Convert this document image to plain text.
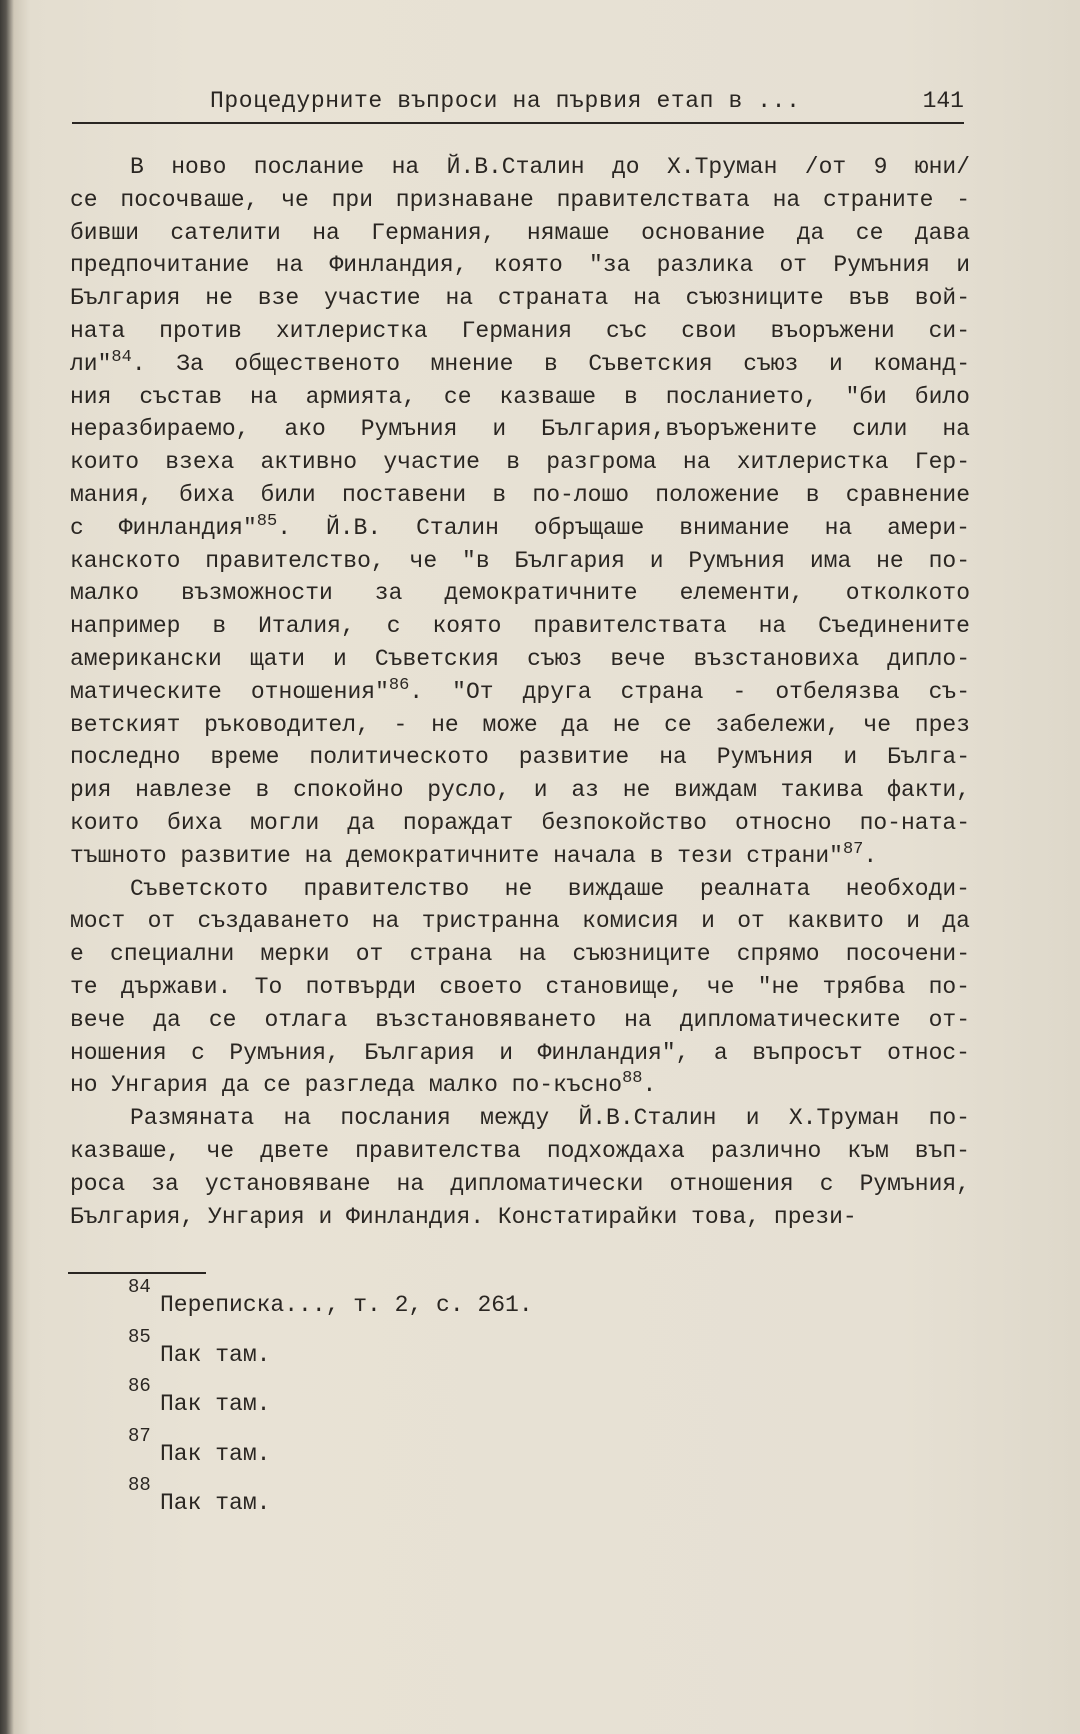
Процедурните въпроси на първия етап в ...	141
В ново послание на Й.В.Сталин до Х.Труман /от 9 юни/
се посочваше, че при признаване правителствата на страните -
бивши сателити на Германия, нямаше основание да се дава
предпочитание на Финландия, която "за разлика от Румъния и
България не взе участие на страната на съюзниците във вой-
ната против хитлеристка Германия със свои въоръжени си-
ли"$^{84}$. За общественото мнение в Съветския съюз и команд-
ния състав на армията, се казваше в посланието, "би било
неразбираемо, ако Румъния и България,въоръжените сили на
които взеха активно участие в разгрома на хитлеристка Гер-
мания, биха били поставени в по-лошо положение в сравнение
с Финландия"$^{85}$. Й.В. Сталин обръщаше внимание на амери-
канското правителство, че "в България и Румъния има не по-
малко възможности за демократичните елементи, отколкото
например в Италия, с която правителствата на Съединените
американски щати и Съветския съюз вече възстановиха дипло-
матическите отношения"$^{86}$. "От друга страна - отбелязва съ-
ветският ръководител, - не може да не се забележи, че през
последно време политическото развитие на Румъния и Бълга-
рия навлезе в спокойно русло, и аз не виждам такива факти,
които биха могли да пораждат безпокойство относно по-ната-
тъшното развитие на демократичните начала в тези страни"$^{87}$.
Съветското правителство не виждаше реалната необходи-
мост от създаването на тристранна комисия и от каквито и да
е специални мерки от страна на съюзниците спрямо посочени-
те държави. То потвърди своето становище, че "не трябва по-
вече да се отлага възстановяването на дипломатическите от-
ношения с Румъния, България и Финландия", а въпросът относ-
но Унгария да се разгледа малко по-късно$^{88}$.
Размяната на послания между Й.В.Сталин и Х.Труман по-
казваше, че двете правителства подхождаха различно към въп-
роса за установяване на дипломатически отношения с Румъния,
България, Унгария и Финландия. Констатирайки това, прези-
84
Переписка..., т. 2, с. 261.
85
Пак там.
86
Пак там.
87
Пак там.
88
Пак там.
